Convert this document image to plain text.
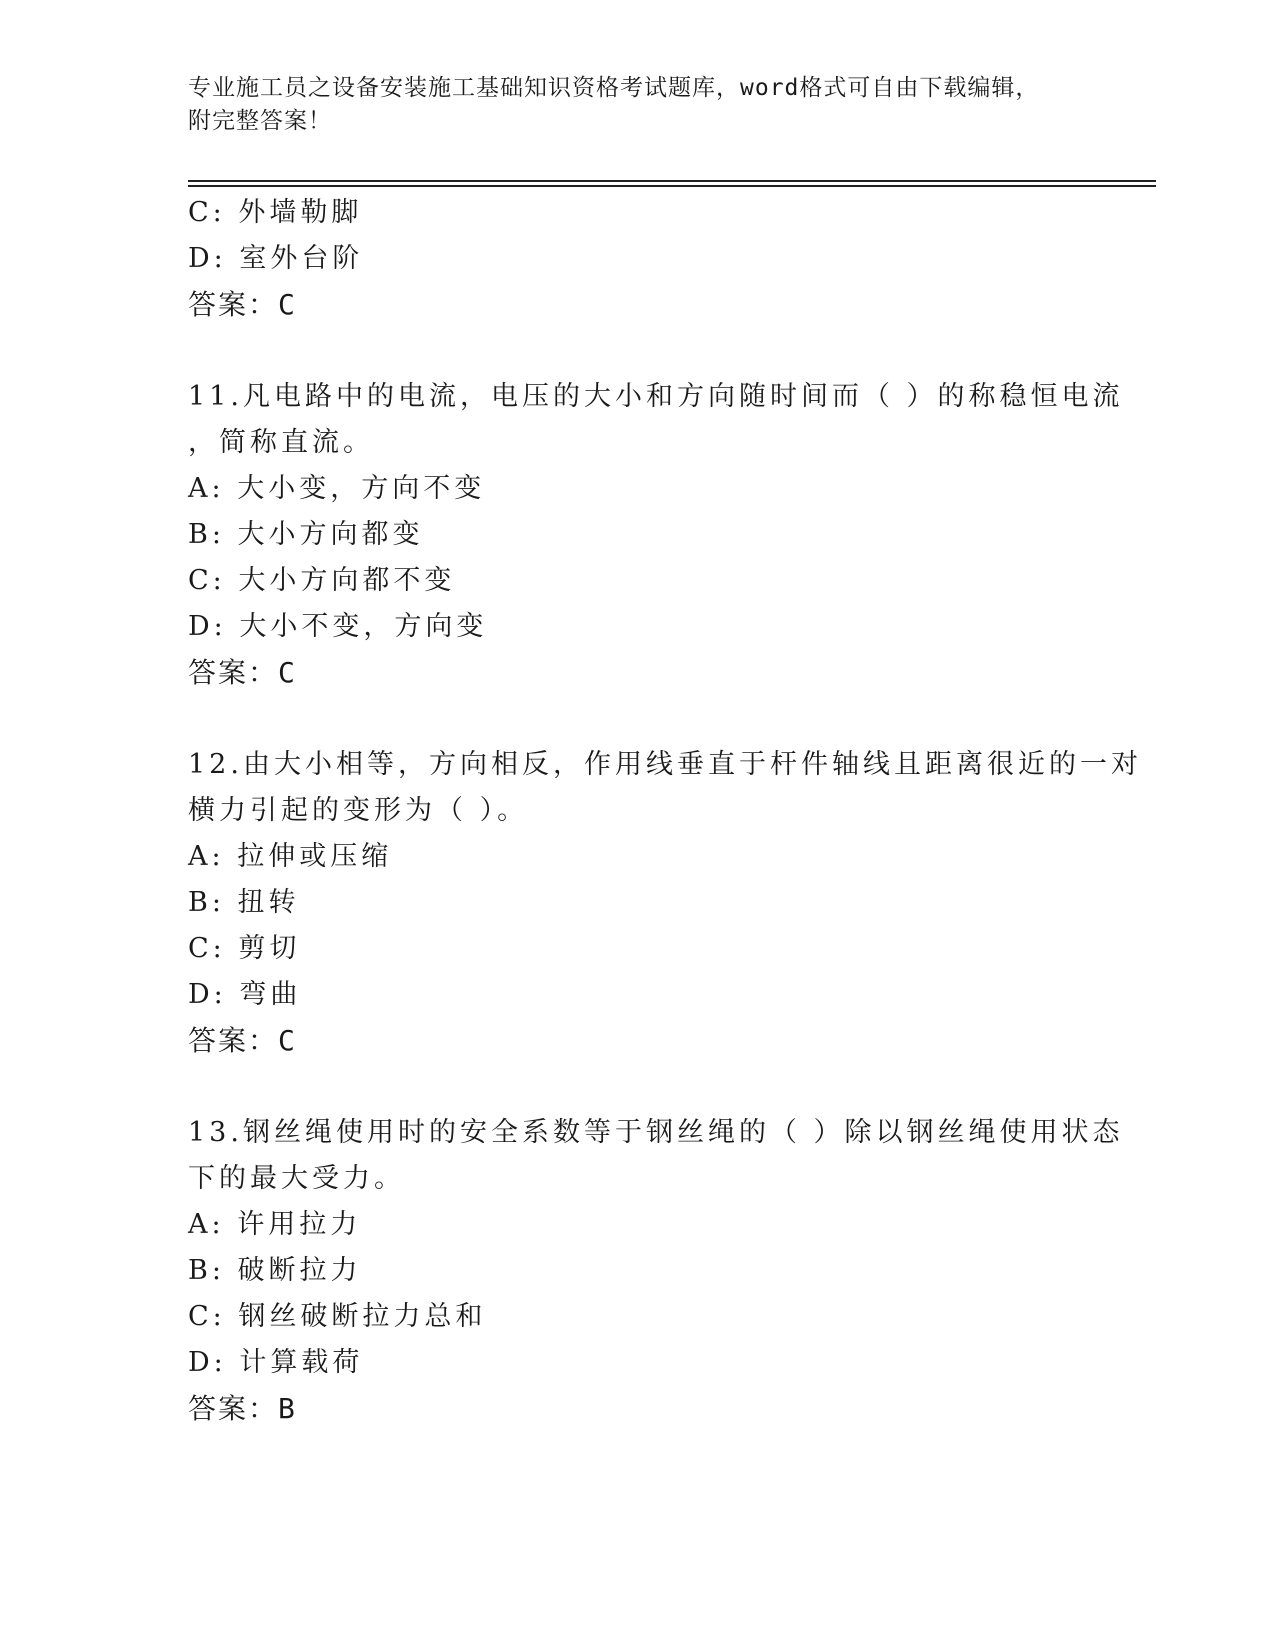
专业施工员之设备安装施工基础知识资格考试题库，word格式可自由下载编辑，
附完整答案！
C: 外墙勒脚
D: 室外台阶
答案：C
11.凡电路中的电流，电压的大小和方向随时间而（ ）的称稳恒电流
，简称直流。
A: 大小变，方向不变
B: 大小方向都变
C: 大小方向都不变
D: 大小不变，方向变
答案：C
12.由大小相等，方向相反，作用线垂直于杆件轴线且距离很近的一对
横力引起的变形为（ ）。
A: 拉伸或压缩
B: 扭转
C: 剪切
D: 弯曲
答案：C
13.钢丝绳使用时的安全系数等于钢丝绳的（ ）除以钢丝绳使用状态
下的最大受力。
A: 许用拉力
B: 破断拉力
C: 钢丝破断拉力总和
D: 计算载荷
答案：B
